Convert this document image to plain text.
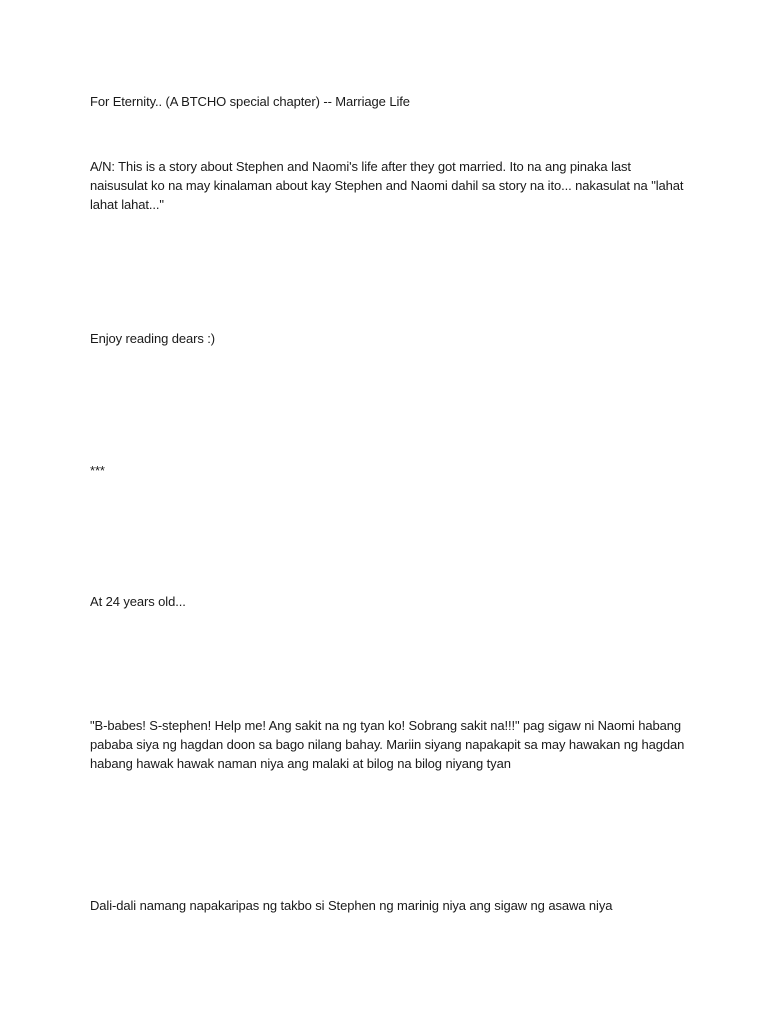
For Eternity.. (A BTCHO special chapter) -- Marriage Life

A/N: This is a story about Stephen and Naomi's life after they got married. Ito na ang pinaka last naisusulat ko na may kinalaman about kay Stephen and Naomi dahil sa story na ito... nakasulat na "lahat lahat lahat..."

Enjoy reading dears :)

***

At 24 years old...

"B-babes! S-stephen! Help me! Ang sakit na ng tyan ko! Sobrang sakit na!!!" pag sigaw ni Naomi habang pababa siya ng hagdan doon sa bago nilang bahay. Mariin siyang napakapit sa may hawakan ng hagdan habang hawak hawak naman niya ang malaki at bilog na bilog niyang tyan

Dali-dali namang napakaripas ng takbo si Stephen ng marinig niya ang sigaw ng asawa niya
